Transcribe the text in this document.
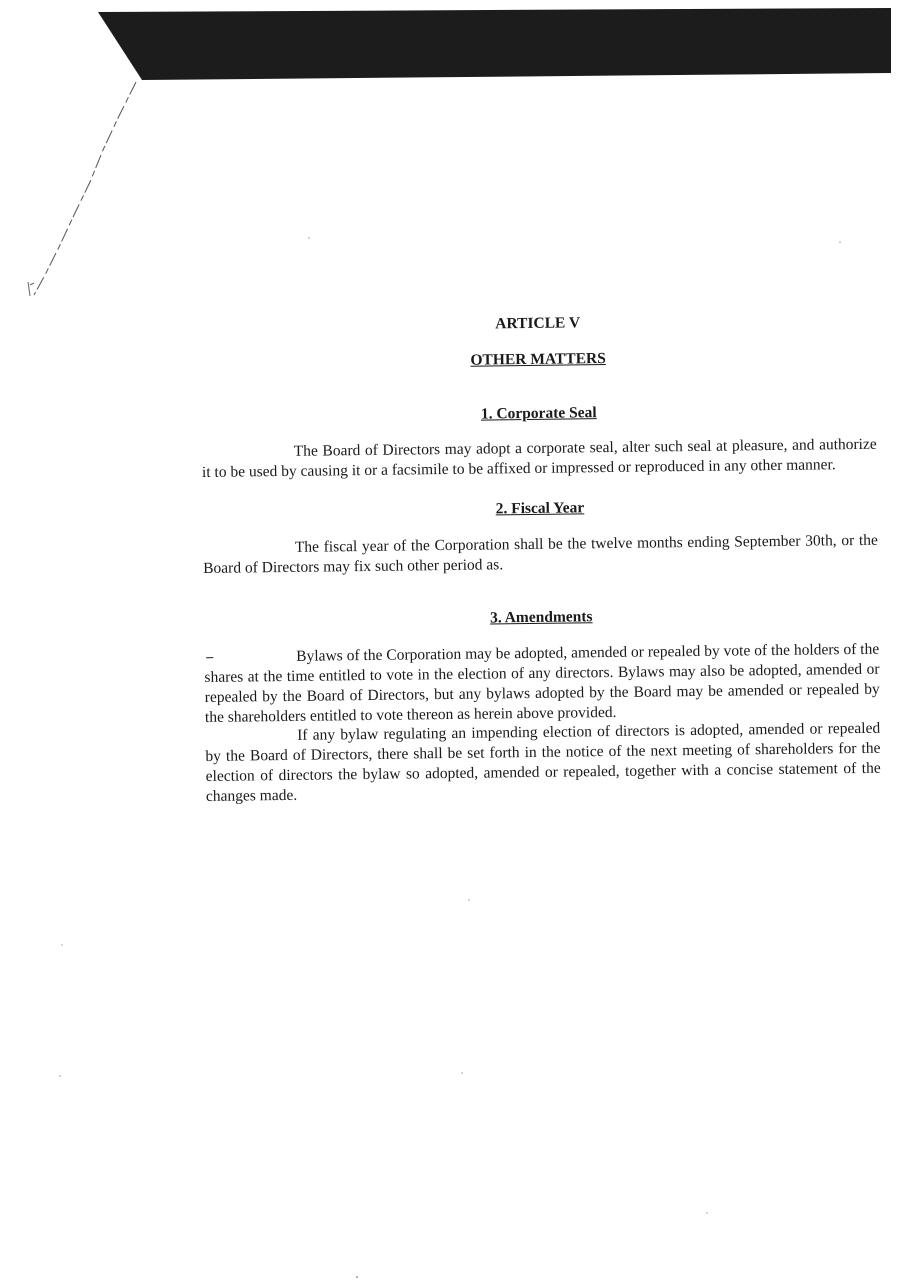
ARTICLE V

OTHER MATTERS

1. Corporate Seal

The Board of Directors may adopt a corporate seal, alter such seal at pleasure, and authorize it to be used by causing it or a facsimile to be affixed or impressed or reproduced in any other manner.

2. Fiscal Year

The fiscal year of the Corporation shall be the twelve months ending September 30th, or the Board of Directors may fix such other period as.

3. Amendments

–	Bylaws of the Corporation may be adopted, amended or repealed by vote of the holders of the shares at the time entitled to vote in the election of any directors. Bylaws may also be adopted, amended or repealed by the Board of Directors, but any bylaws adopted by the Board may be amended or repealed by the shareholders entitled to vote thereon as herein above provided.

If any bylaw regulating an impending election of directors is adopted, amended or repealed by the Board of Directors, there shall be set forth in the notice of the next meeting of shareholders for the election of directors the bylaw so adopted, amended or repealed, together with a concise statement of the changes made.
